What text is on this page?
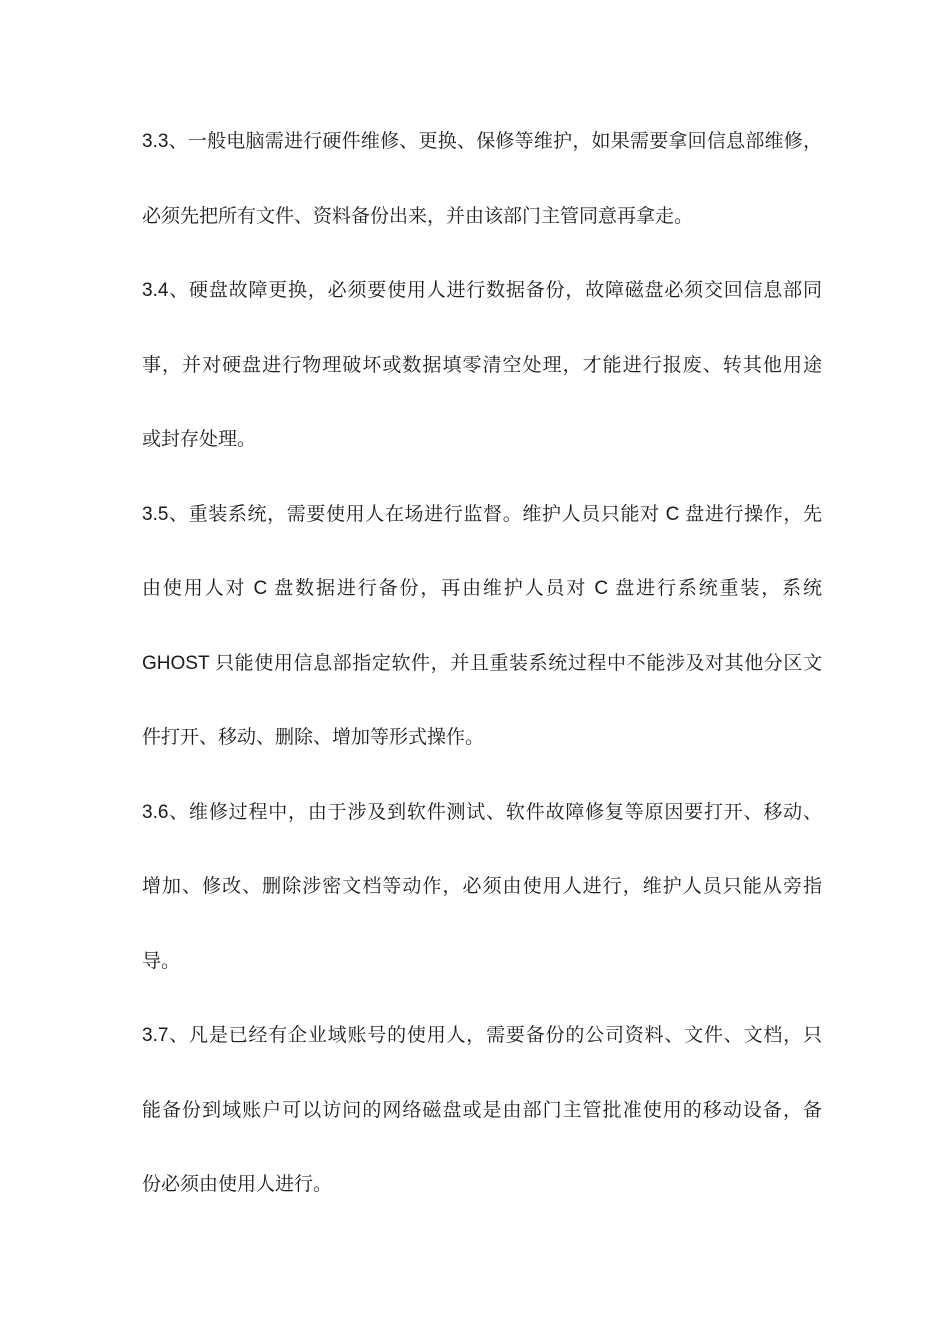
3.3、一般电脑需进行硬件维修、更换、保修等维护，如果需要拿回信息部维修，
必须先把所有文件、资料备份出来，并由该部门主管同意再拿走。
3.4、硬盘故障更换，必须要使用人进行数据备份，故障磁盘必须交回信息部同
事，并对硬盘进行物理破坏或数据填零清空处理，才能进行报废、转其他用途
或封存处理。
3.5、重装系统，需要使用人在场进行监督。维护人员只能对 C 盘进行操作，先
由使用人对 C 盘数据进行备份，再由维护人员对 C 盘进行系统重装，系统
GHOST 只能使用信息部指定软件，并且重装系统过程中不能涉及对其他分区文
件打开、移动、删除、增加等形式操作。
3.6、维修过程中，由于涉及到软件测试、软件故障修复等原因要打开、移动、
增加、修改、删除涉密文档等动作，必须由使用人进行，维护人员只能从旁指
导。
3.7、凡是已经有企业域账号的使用人，需要备份的公司资料、文件、文档，只
能备份到域账户可以访问的网络磁盘或是由部门主管批准使用的移动设备，备
份必须由使用人进行。
